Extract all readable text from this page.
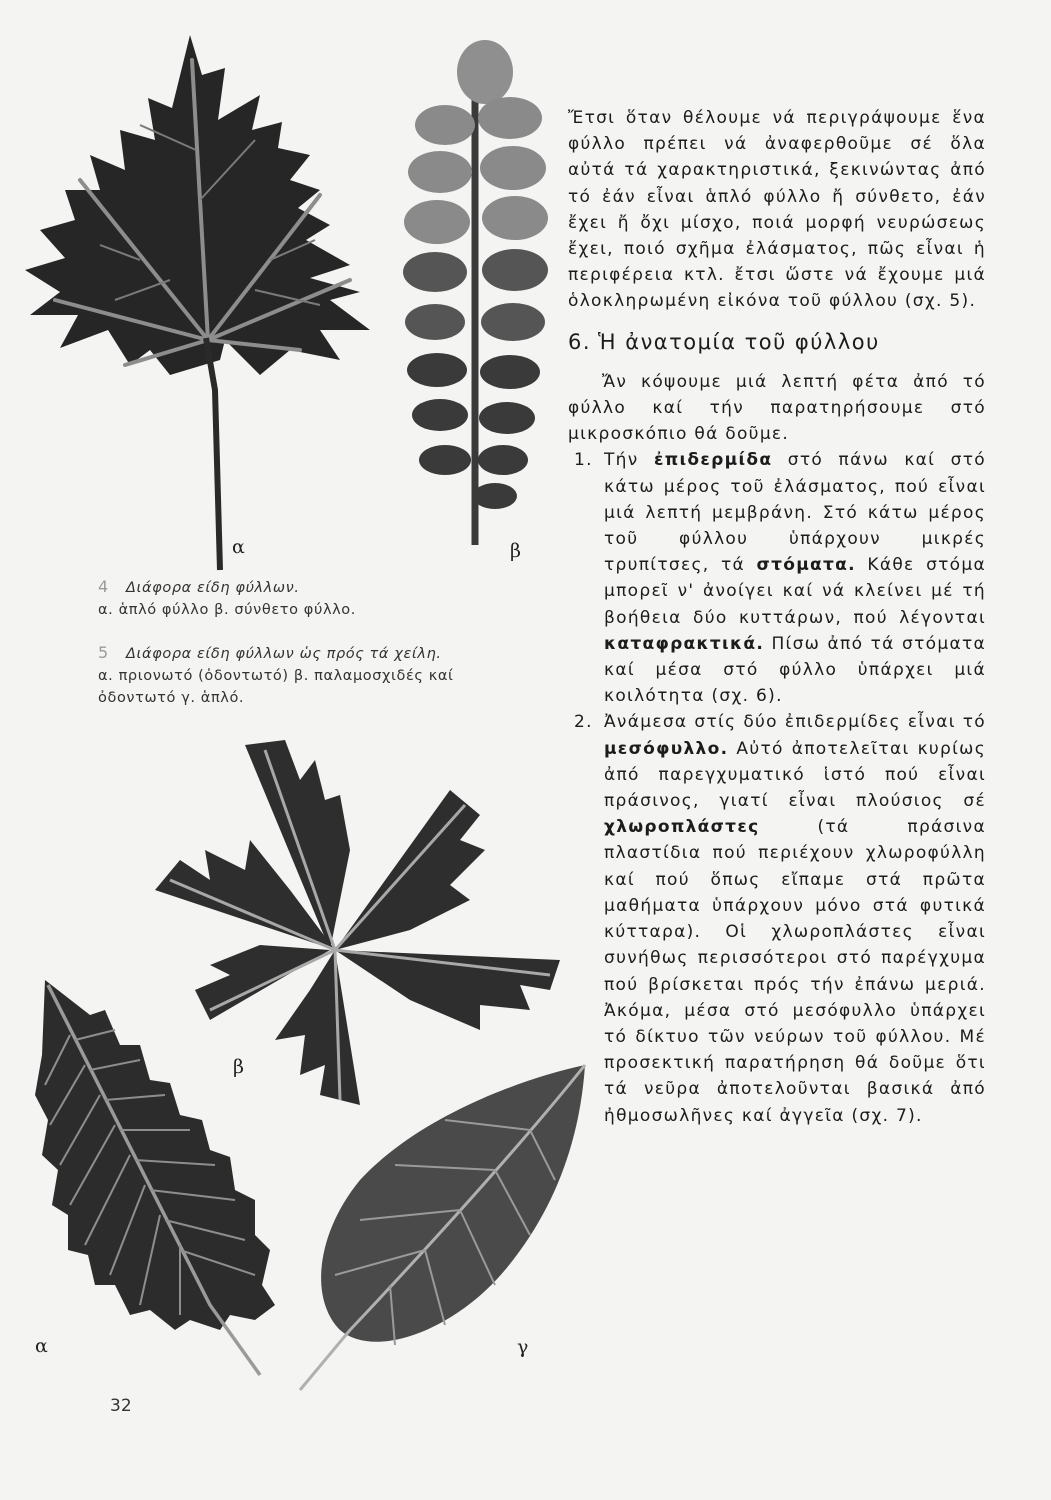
α	β
4 Διάφορα είδη φύλλων.
α. ἁπλό φύλλο β. σύνθετο φύλλο.
5 Διάφορα είδη φύλλων ὡς πρός τά χείλη.
α. πριονωτό (ὀδοντωτό) β. παλαμοσχιδές καί ὀδοντωτό γ. ἁπλό.
β
α	γ

Ἔτσι ὅταν θέλουμε νά περιγράψουμε ἕνα φύλλο πρέπει νά ἀναφερθοῦμε σέ ὅλα αὐτά τά χαρακτηριστικά, ξεκινώντας ἀπό τό ἐάν εἶναι ἁπλό φύλλο ἤ σύνθετο, ἐάν ἔχει ἤ ὄχι μίσχο, ποιά μορφή νευρώσεως ἔχει, ποιό σχῆμα ἐλάσματος, πῶς εἶναι ἡ περιφέρεια κτλ. ἔτσι ὥστε νά ἔχουμε μιά ὁλοκληρωμένη εἰκόνα τοῦ φύλλου (σχ. 5).

6. Ἡ ἀνατομία τοῦ φύλλου

Ἄν κόψουμε μιά λεπτή φέτα ἀπό τό φύλλο καί τήν παρατηρήσουμε στό μικροσκόπιο θά δοῦμε.

1. Τήν ἐπιδερμίδα στό πάνω καί στό κάτω μέρος τοῦ ἐλάσματος, πού εἶναι μιά λεπτή μεμβράνη. Στό κάτω μέρος τοῦ φύλλου ὑπάρχουν μικρές τρυπίτσες, τά στόματα. Κάθε στόμα μπορεῖ ν' ἀνοίγει καί νά κλείνει μέ τή βοήθεια δύο κυττάρων, πού λέγονται καταφρακτικά. Πίσω ἀπό τά στόματα καί μέσα στό φύλλο ὑπάρχει μιά κοιλότητα (σχ. 6).
2. Ἀνάμεσα στίς δύο ἐπιδερμίδες εἶναι τό μεσόφυλλο. Αὐτό ἀποτελεῖται κυρίως ἀπό παρεγχυματικό ἱστό πού εἶναι πράσινος, γιατί εἶναι πλούσιος σέ χλωροπλάστες (τά πράσινα πλαστίδια πού περιέχουν χλωροφύλλη καί πού ὅπως εἴπαμε στά πρῶτα μαθήματα ὑπάρχουν μόνο στά φυτικά κύτταρα). Οἱ χλωροπλάστες εἶναι συνήθως περισσότεροι στό παρέγχυμα πού βρίσκεται πρός τήν ἐπάνω μεριά. Ἀκόμα, μέσα στό μεσόφυλλο ὑπάρχει τό δίκτυο τῶν νεύρων τοῦ φύλλου. Μέ προσεκτική παρατήρηση θά δοῦμε ὅτι τά νεῦρα ἀποτελοῦνται βασικά ἀπό ἠθμοσωλῆνες καί ἀγγεῖα (σχ. 7).
32
